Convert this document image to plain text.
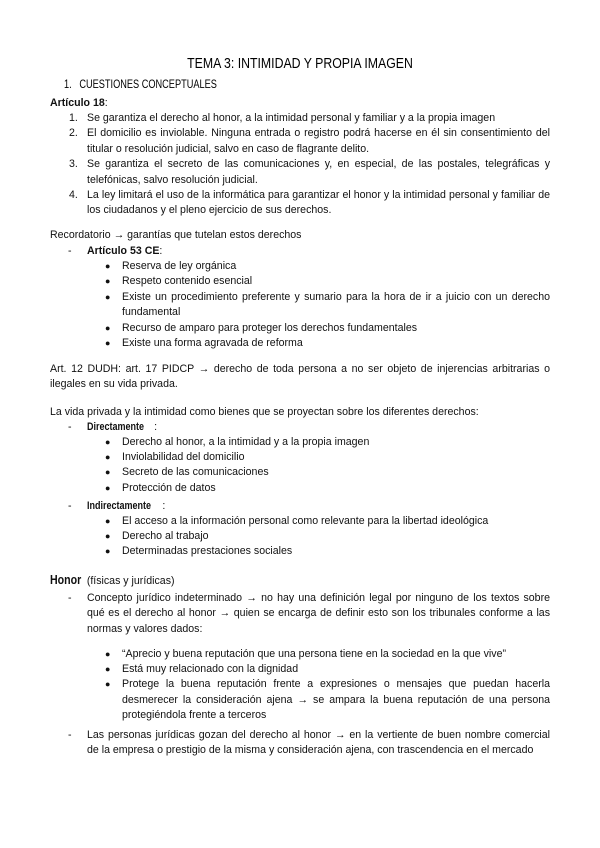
TEMA 3: INTIMIDAD Y PROPIA IMAGEN
1. CUESTIONES CONCEPTUALES
Artículo 18:
1. Se garantiza el derecho al honor, a la intimidad personal y familiar y a la propia imagen
2. El domicilio es inviolable. Ninguna entrada o registro podrá hacerse en él sin consentimiento del titular o resolución judicial, salvo en caso de flagrante delito.
3. Se garantiza el secreto de las comunicaciones y, en especial, de las postales, telegráficas y telefónicas, salvo resolución judicial.
4. La ley limitará el uso de la informática para garantizar el honor y la intimidad personal y familiar de los ciudadanos y el pleno ejercicio de sus derechos.
Recordatorio → garantías que tutelan estos derechos
- Artículo 53 CE:
● Reserva de ley orgánica
● Respeto contenido esencial
● Existe un procedimiento preferente y sumario para la hora de ir a juicio con un derecho fundamental
● Recurso de amparo para proteger los derechos fundamentales
● Existe una forma agravada de reforma
Art. 12 DUDH: art. 17 PIDCP → derecho de toda persona a no ser objeto de injerencias arbitrarias o ilegales en su vida privada.
La vida privada y la intimidad como bienes que se proyectan sobre los diferentes derechos:
- Directamente :
● Derecho al honor, a la intimidad y a la propia imagen
● Inviolabilidad del domicilio
● Secreto de las comunicaciones
● Protección de datos
- Indirectamente :
● El acceso a la información personal como relevante para la libertad ideológica
● Derecho al trabajo
● Determinadas prestaciones sociales
Honor (físicas y jurídicas)
- Concepto jurídico indeterminado → no hay una definición legal por ninguno de los textos sobre qué es el derecho al honor → quien se encarga de definir esto son los tribunales conforme a las normas y valores dados:
● “Aprecio y buena reputación que una persona tiene en la sociedad en la que vive”
● Está muy relacionado con la dignidad
● Protege la buena reputación frente a expresiones o mensajes que puedan hacerla desmerecer la consideración ajena → se ampara la buena reputación de una persona protegiéndola frente a terceros
- Las personas jurídicas gozan del derecho al honor → en la vertiente de buen nombre comercial de la empresa o prestigio de la misma y consideración ajena, con trascendencia en el mercado
